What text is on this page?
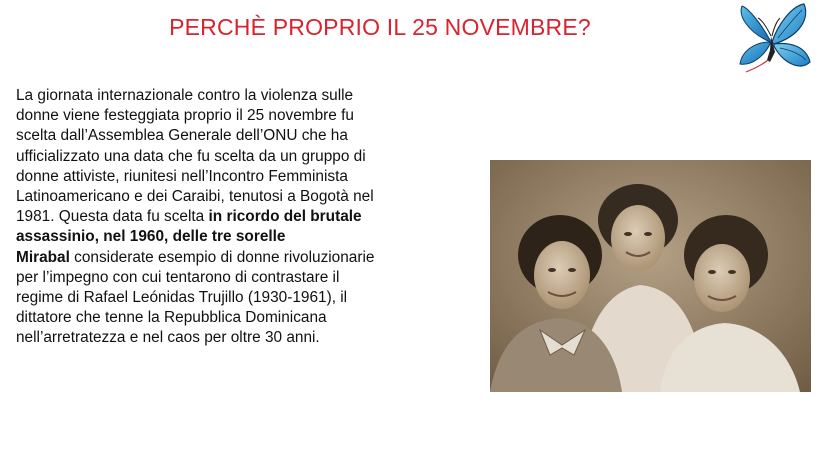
PERCHÈ PROPRIO IL 25 NOVEMBRE?
La giornata internazionale contro la violenza sulle
donne viene festeggiata proprio il 25 novembre fu
scelta dall’Assemblea Generale dell’ONU che ha
ufficializzato una data che fu scelta da un gruppo di
donne attiviste, riunitesi nell’Incontro Femminista
Latinoamericano e dei Caraibi, tenutosi a Bogotà nel
1981. Questa data fu scelta in ricordo del brutale
assassinio, nel 1960, delle tre sorelle
Mirabal considerate esempio di donne rivoluzionarie
per l’impegno con cui tentarono di contrastare il
regime di Rafael Leónidas Trujillo (1930-1961), il
dittatore che tenne la Repubblica Dominicana
nell’arretratezza e nel caos per oltre 30 anni.
